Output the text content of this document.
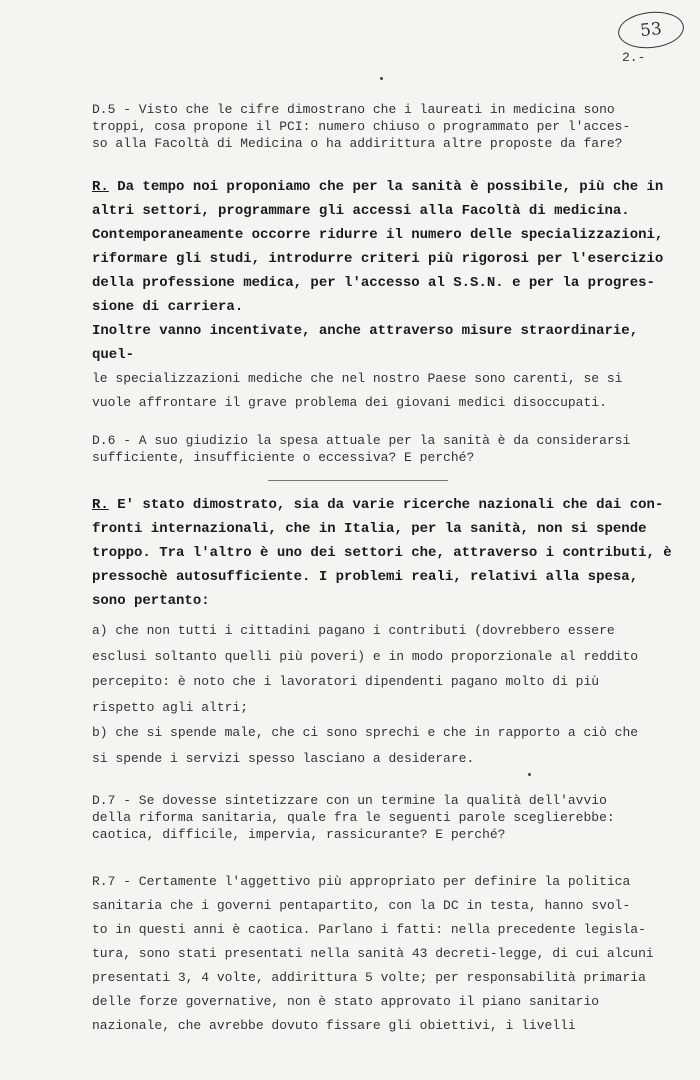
53
2.-

D.5 - Visto che le cifre dimostrano che i laureati in medicina sono

troppi, cosa propone il PCI: numero chiuso o programmato per l'acces-

so alla Facoltà di Medicina o ha addirittura altre proposte da fare?

R. Da tempo noi proponiamo che per la sanità è possibile, più che in

altri settori, programmare gli accessi alla Facoltà di medicina.

Contemporaneamente occorre ridurre il numero delle specializzazioni,

riformare gli studi, introdurre criteri più rigorosi per l'esercizio

della professione medica, per l'accesso al S.S.N. e per la progres-

sione di carriera.

Inoltre vanno incentivate, anche attraverso misure straordinarie, quel-

le specializzazioni mediche che nel nostro Paese sono carenti, se si

vuole affrontare il grave problema dei giovani medici disoccupati.

D.6 - A suo giudizio la spesa attuale per la sanità è da considerarsi

sufficiente, insufficiente o eccessiva? E perché?

R. E' stato dimostrato, sia da varie ricerche nazionali che dai con-

fronti internazionali, che in Italia, per la sanità, non si spende

troppo. Tra l'altro è uno dei settori che, attraverso i contributi, è

pressochè autosufficiente. I problemi reali, relativi alla spesa,

sono pertanto:

a) che non tutti i cittadini pagano i contributi (dovrebbero essere

esclusi soltanto quelli più poveri) e in modo proporzionale al reddito

percepito: è noto che i lavoratori dipendenti pagano molto di più

rispetto agli altri;

b) che si spende male, che ci sono sprechi e che in rapporto a ciò che

si spende i servizi spesso lasciano a desiderare.

D.7 - Se dovesse sintetizzare con un termine la qualità dell'avvio

della riforma sanitaria, quale fra le seguenti parole sceglierebbe:

caotica, difficile, impervia, rassicurante? E perché?

R.7 - Certamente l'aggettivo più appropriato per definire la politica

sanitaria che i governi pentapartito, con la DC in testa, hanno svol-

to in questi anni è caotica. Parlano i fatti: nella precedente legisla-

tura, sono stati presentati nella sanità 43 decreti-legge, di cui alcuni

presentati 3, 4 volte, addirittura 5 volte; per responsabilità primaria

delle forze governative, non è stato approvato il piano sanitario

nazionale, che avrebbe dovuto fissare gli obiettivi, i livelli
